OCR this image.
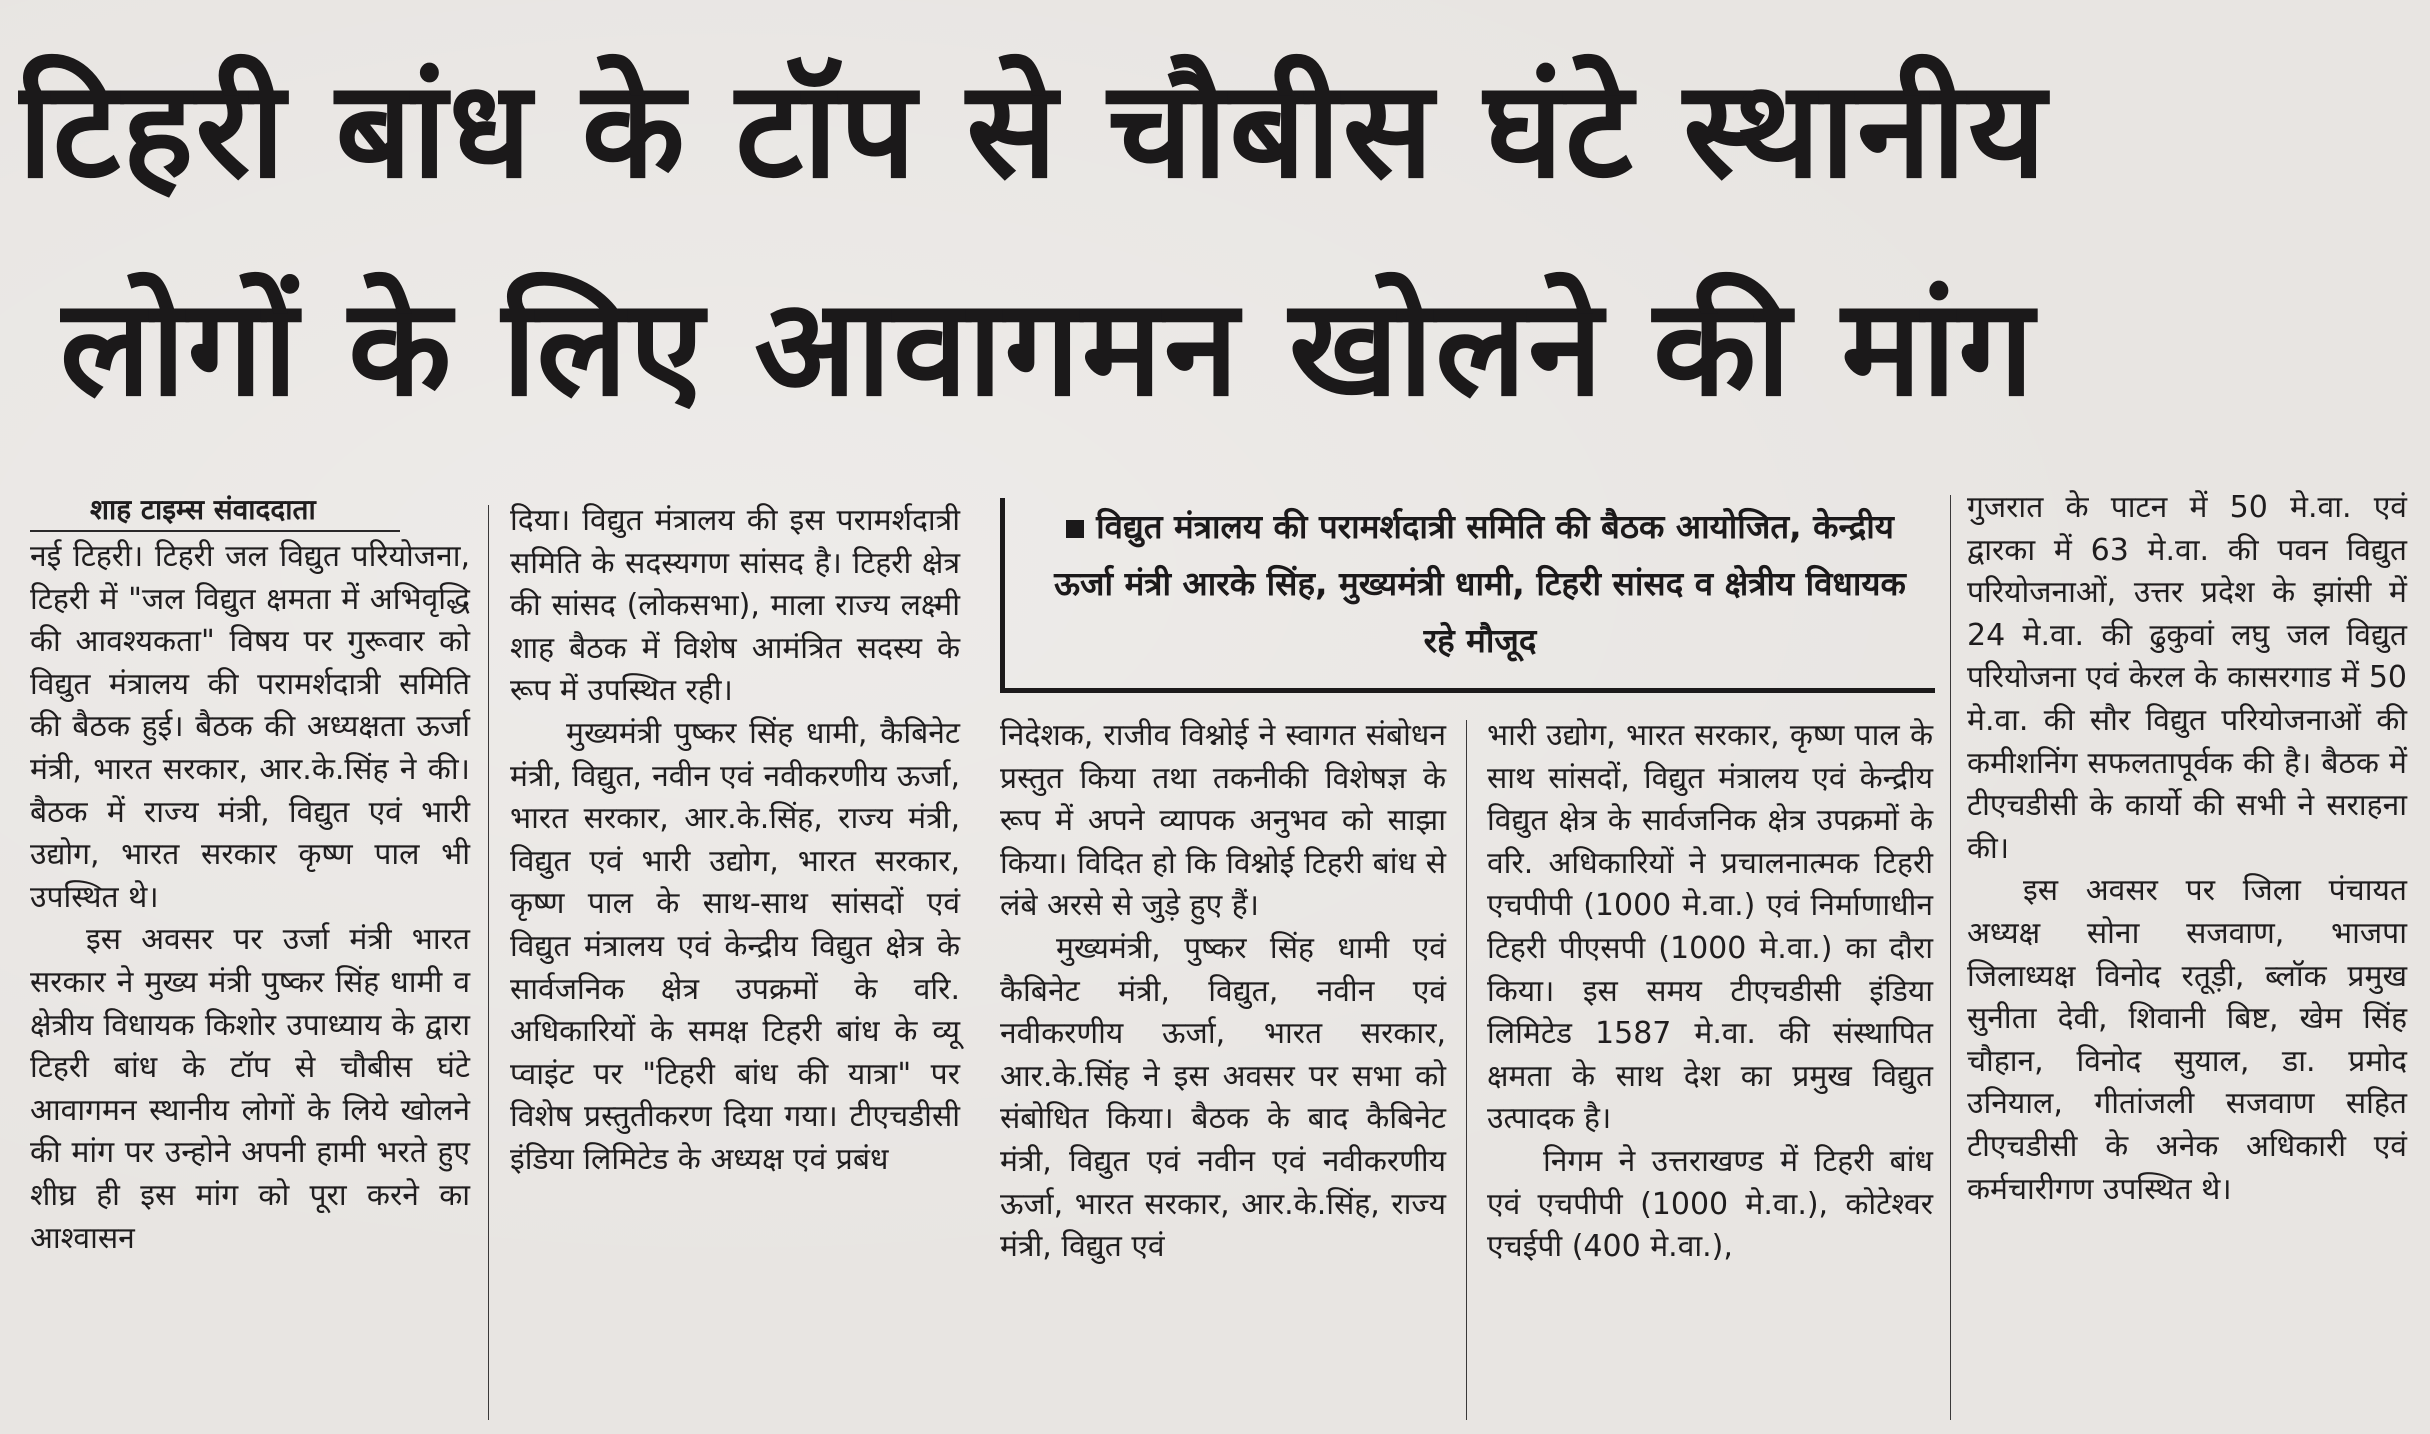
टिहरी बांध के टॉप से चौबीस घंटे स्थानीय
लोगों के लिए आवागमन खोलने की मांग
शाह टाइम्स संवाददाता

नई टिहरी। टिहरी जल विद्युत परियोजना, टिहरी में "जल विद्युत क्षमता में अभिवृद्धि की आवश्यकता" विषय पर गुरूवार को विद्युत मंत्रालय की परामर्शदात्री समिति की बैठक हुई। बैठक की अध्यक्षता ऊर्जा मंत्री, भारत सरकार, आर.के.सिंह ने की। बैठक में राज्य मंत्री, विद्युत एवं भारी उद्योग, भारत सरकार कृष्ण पाल भी उपस्थित थे।

इस अवसर पर उर्जा मंत्री भारत सरकार ने मुख्य मंत्री पुष्कर सिंह धामी व क्षेत्रीय विधायक किशोर उपाध्याय के द्वारा टिहरी बांध के टॉप से चौबीस घंटे आवागमन स्थानीय लोगों के लिये खोलने की मांग पर उन्होने अपनी हामी भरते हुए शीघ्र ही इस मांग को पूरा करने का आश्वासन

दिया। विद्युत मंत्रालय की इस परामर्शदात्री समिति के सदस्यगण सांसद है। टिहरी क्षेत्र की सांसद (लोकसभा), माला राज्य लक्ष्मी शाह बैठक में विशेष आमंत्रित सदस्य के रूप में उपस्थित रही।

मुख्यमंत्री पुष्कर सिंह धामी, कैबिनेट मंत्री, विद्युत, नवीन एवं नवीकरणीय ऊर्जा, भारत सरकार, आर.के.सिंह, राज्य मंत्री, विद्युत एवं भारी उद्योग, भारत सरकार, कृष्ण पाल के साथ-साथ सांसदों एवं विद्युत मंत्रालय एवं केन्द्रीय विद्युत क्षेत्र के सार्वजनिक क्षेत्र उपक्रमों के वरि. अधिकारियों के समक्ष टिहरी बांध के व्यू प्वाइंट पर "टिहरी बांध की यात्रा" पर विशेष प्रस्तुतीकरण दिया गया। टीएचडीसी इंडिया लिमिटेड के अध्यक्ष एवं प्रबंध

विद्युत मंत्रालय की परामर्शदात्री समिति की बैठक आयोजित, केन्द्रीय ऊर्जा मंत्री आरके सिंह, मुख्यमंत्री धामी, टिहरी सांसद व क्षेत्रीय विधायक रहे मौजूद

निदेशक, राजीव विश्नोई ने स्वागत संबोधन प्रस्तुत किया तथा तकनीकी विशेषज्ञ के रूप में अपने व्यापक अनुभव को साझा किया। विदित हो कि विश्नोई टिहरी बांध से लंबे अरसे से जुड़े हुए हैं।

मुख्यमंत्री, पुष्कर सिंह धामी एवं कैबिनेट मंत्री, विद्युत, नवीन एवं नवीकरणीय ऊर्जा, भारत सरकार, आर.के.सिंह ने इस अवसर पर सभा को संबोधित किया। बैठक के बाद कैबिनेट मंत्री, विद्युत एवं नवीन एवं नवीकरणीय ऊर्जा, भारत सरकार, आर.के.सिंह, राज्य मंत्री, विद्युत एवं

भारी उद्योग, भारत सरकार, कृष्ण पाल के साथ सांसदों, विद्युत मंत्रालय एवं केन्द्रीय विद्युत क्षेत्र के सार्वजनिक क्षेत्र उपक्रमों के वरि. अधिकारियों ने प्रचालनात्मक टिहरी एचपीपी (1000 मे.वा.) एवं निर्माणाधीन टिहरी पीएसपी (1000 मे.वा.) का दौरा किया। इस समय टीएचडीसी इंडिया लिमिटेड 1587 मे.वा. की संस्थापित क्षमता के साथ देश का प्रमुख विद्युत उत्पादक है।

निगम ने उत्तराखण्ड में टिहरी बांध एवं एचपीपी (1000 मे.वा.), कोटेश्वर एचईपी (400 मे.वा.),

गुजरात के पाटन में 50 मे.वा. एवं द्वारका में 63 मे.वा. की पवन विद्युत परियोजनाओं, उत्तर प्रदेश के झांसी में 24 मे.वा. की ढुकुवां लघु जल विद्युत परियोजना एवं केरल के कासरगाड में 50 मे.वा. की सौर विद्युत परियोजनाओं की कमीशनिंग सफलतापूर्वक की है। बैठक में टीएचडीसी के कार्यो की सभी ने सराहना की।

इस अवसर पर जिला पंचायत अध्यक्ष सोना सजवाण, भाजपा जिलाध्यक्ष विनोद रतूड़ी, ब्लॉक प्रमुख सुनीता देवी, शिवानी बिष्ट, खेम सिंह चौहान, विनोद सुयाल, डा. प्रमोद उनियाल, गीतांजली सजवाण सहित टीएचडीसी के अनेक अधिकारी एवं कर्मचारीगण उपस्थित थे।
